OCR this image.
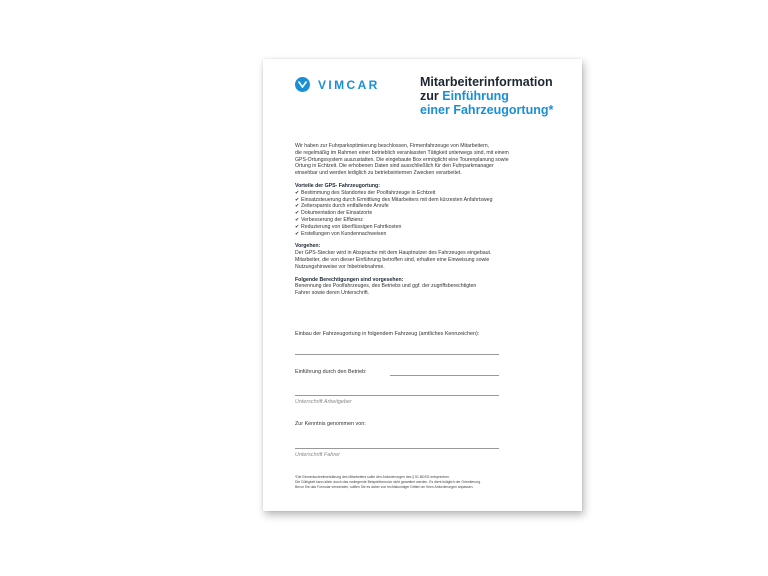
VIMCAR	Mitarbeiterinformation
zur Einführung
einer Fahrzeugortung*

Wir haben zur Fuhrparkoptimierung beschlossen, Firmenfahrzeuge von Mitarbeitern,

die regelmäßig im Rahmen einer betrieblich veranlassten Tätigkeit unterwegs sind, mit einem

GPS-Ortungssystem auszustatten. Die eingebaute Box ermöglicht eine Tourenplanung sowie

Ortung in Echtzeit. Die erhobenen Daten sind ausschließlich für den Fuhrparkmanager

einsehbar und werden lediglich zu betriebsinternen Zwecken verarbeitet.

Vorteile der GPS- Fahrzeugortung:

✔ Bestimmung des Standortes der Poolfahrzeuge in Echtzeit
✔ Einsatzsteuerung durch Ermittlung des Mitarbeiters mit dem kürzesten Anfahrtsweg
✔ Zeitersparnis durch entfallende Anrufe
✔ Dokumentation der Einsatzorte
✔ Verbesserung der Effizienz
✔ Reduzierung von überflüssigen Fahrtkosten
✔ Erstellungen von Kundennachweisen

Vorgehen:

Der GPS-Stecker wird in Absprache mit dem Hauptnutzer des Fahrzeuges eingebaut.

Mitarbeiter, die von dieser Einführung betroffen sind, erhalten eine Einweisung sowie

Nutzungshinweise vor Inbetriebnahme.

Folgende Berechtigungen sind vorgesehen:

Benennung des Poolfahrzeuges, des Betriebs und ggf. der zugriffsberechtigten

Fahrer sowie deren Unterschrift.

Einbau der Fahrzeugortung in folgendem Fahrzeug (amtliches Kennzeichen):
Einführung durch den Betrieb:
Unterschrift Arbeitgeber
Zur Kenntnis genommen von:
Unterschrift Fahrer
*Die Einwerkschreibverklärung des Mitarbeiters sollte den Anforderungen des § 51 BDSG entsprechen.
Die Gültigkeit kann allein durch das vorliegende Beispielformular nicht garantiert werden. Es dient lediglich der Orientierung.
Bevor Sie das Formular verwenden, sollten Sie es daher von rechtskundiger Dritten an Ihren Anforderungen anpassen.
